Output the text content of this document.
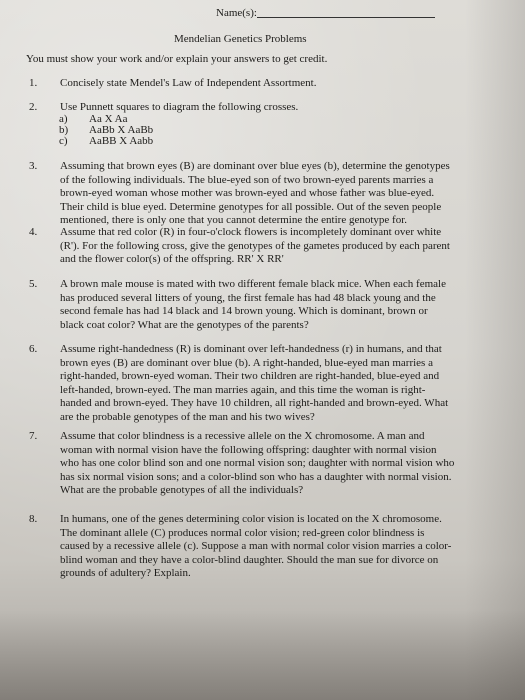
Name(s):
Mendelian Genetics Problems
You must show your work and/or explain your answers to get credit.
1. Concisely state Mendel's Law of Independent Assortment.
2. Use Punnett squares to diagram the following crosses.
a) Aa X Aa
b) AaBb X AaBb
c) AaBB X Aabb
3. Assuming that brown eyes (B) are dominant over blue eyes (b), determine the genotypes
of the following individuals. The blue-eyed son of two brown-eyed parents marries a
brown-eyed woman whose mother was brown-eyed and whose father was blue-eyed.
Their child is blue eyed. Determine genotypes for all possible. Out of the seven people
mentioned, there is only one that you cannot determine the entire genotype for.
4. Assume that red color (R) in four-o'clock flowers is incompletely dominant over white
(R'). For the following cross, give the genotypes of the gametes produced by each parent
and the flower color(s) of the offspring. RR' X RR'
5. A brown male mouse is mated with two different female black mice. When each female
has produced several litters of young, the first female has had 48 black young and the
second female has had 14 black and 14 brown young. Which is dominant, brown or
black coat color? What are the genotypes of the parents?
6. Assume right-handedness (R) is dominant over left-handedness (r) in humans, and that
brown eyes (B) are dominant over blue (b). A right-handed, blue-eyed man marries a
right-handed, brown-eyed woman. Their two children are right-handed, blue-eyed and
left-handed, brown-eyed. The man marries again, and this time the woman is right-
handed and brown-eyed. They have 10 children, all right-handed and brown-eyed. What
are the probable genotypes of the man and his two wives?
7. Assume that color blindness is a recessive allele on the X chromosome. A man and
woman with normal vision have the following offspring: daughter with normal vision
who has one color blind son and one normal vision son; daughter with normal vision who
has six normal vision sons; and a color-blind son who has a daughter with normal vision.
What are the probable genotypes of all the individuals?
8. In humans, one of the genes determining color vision is located on the X chromosome.
The dominant allele (C) produces normal color vision; red-green color blindness is
caused by a recessive allele (c). Suppose a man with normal color vision marries a color-
blind woman and they have a color-blind daughter. Should the man sue for divorce on
grounds of adultery? Explain.
